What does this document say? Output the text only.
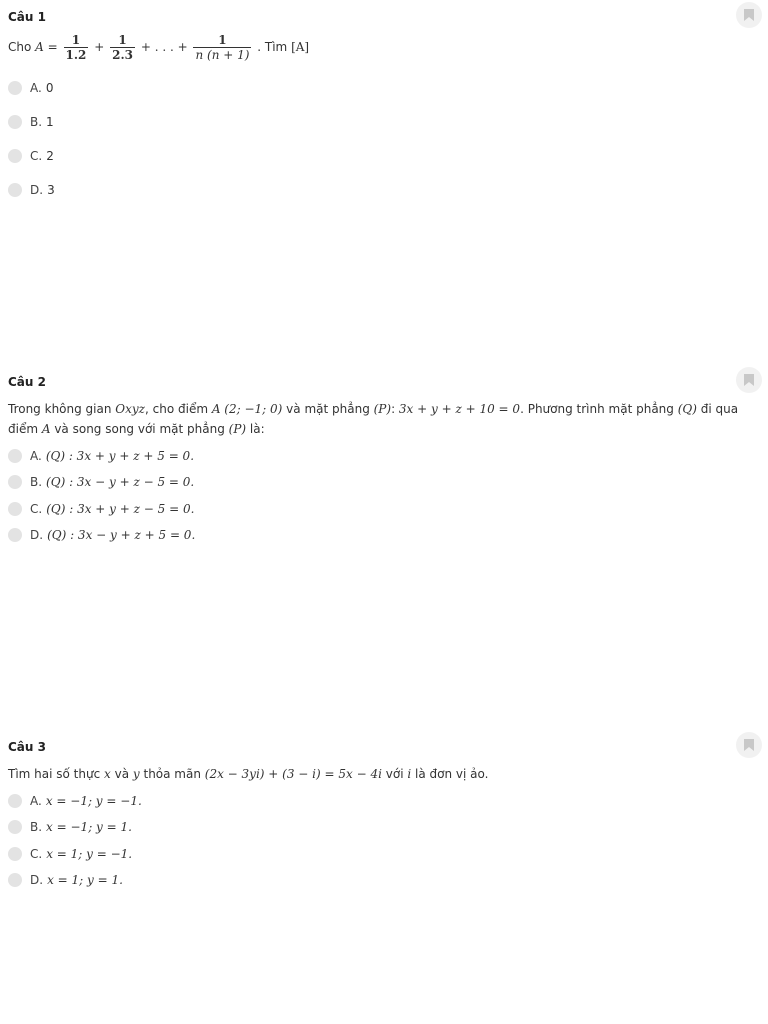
Câu 1
Cho $A = \frac{1}{1.2} + \frac{1}{2.3}$ + . . . + $\frac{1}{n (n + 1)}$ . Tìm [A]
A. 0
B. 1
C. 2
D. 3
Câu 2
Trong không gian Oxyz, cho điểm A (2; −1; 0) và mặt phẳng (P): 3x + y + z + 10 = 0. Phương trình mặt phẳng (Q) đi qua điểm A và song song với mặt phẳng (P) là:
A. (Q) : 3x + y + z + 5 = 0.
B. (Q) : 3x − y + z − 5 = 0.
C. (Q) : 3x + y + z − 5 = 0.
D. (Q) : 3x − y + z + 5 = 0.
Câu 3
Tìm hai số thực x và y thỏa mãn (2x − 3yi) + (3 − i) = 5x − 4i với i là đơn vị ảo.
A. x = −1; y = −1.
B. x = −1; y = 1.
C. x = 1; y = −1.
D. x = 1; y = 1.
